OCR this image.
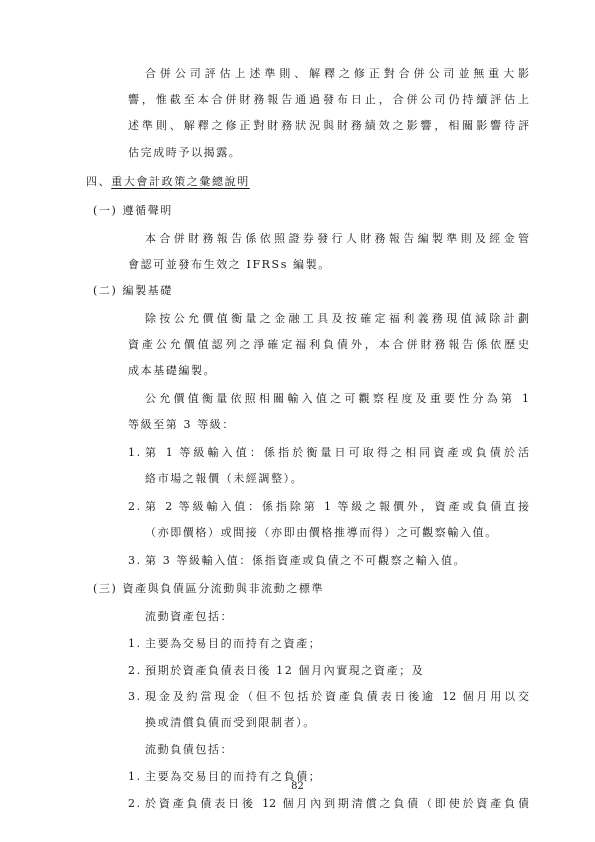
合併公司評估上述準則、解釋之修正對合併公司並無重大影
響，惟截至本合併財務報告通過發布日止，合併公司仍持續評估上
述準則、解釋之修正對財務狀況與財務績效之影響，相關影響待評
估完成時予以揭露。
四、重大會計政策之彙總說明
(一) 遵循聲明
本合併財務報告係依照證券發行人財務報告編製準則及經金管
會認可並發布生效之 IFRSs 編製。
(二) 編製基礎
除按公允價值衡量之金融工具及按確定福利義務現值減除計劃
資產公允價值認列之淨確定福利負債外，本合併財務報告係依歷史
成本基礎編製。
公允價值衡量依照相關輸入值之可觀察程度及重要性分為第 1
等級至第 3 等級：
1. 第 1 等級輸入值：係指於衡量日可取得之相同資產或負債於活
絡市場之報價（未經調整）。
2. 第 2 等級輸入值：係指除第 1 等級之報價外，資產或負債直接
（亦即價格）或間接（亦即由價格推導而得）之可觀察輸入值。
3. 第 3 等級輸入值：係指資產或負債之不可觀察之輸入值。
(三) 資產與負債區分流動與非流動之標準
流動資產包括：
1. 主要為交易目的而持有之資產；
2. 預期於資產負債表日後 12 個月內實現之資產；及
3. 現金及約當現金（但不包括於資產負債表日後逾 12 個月用以交
換或清償負債而受到限制者）。
流動負債包括：
1. 主要為交易目的而持有之負債；
2. 於資產負債表日後 12 個月內到期清償之負債（即使於資產負債
82
